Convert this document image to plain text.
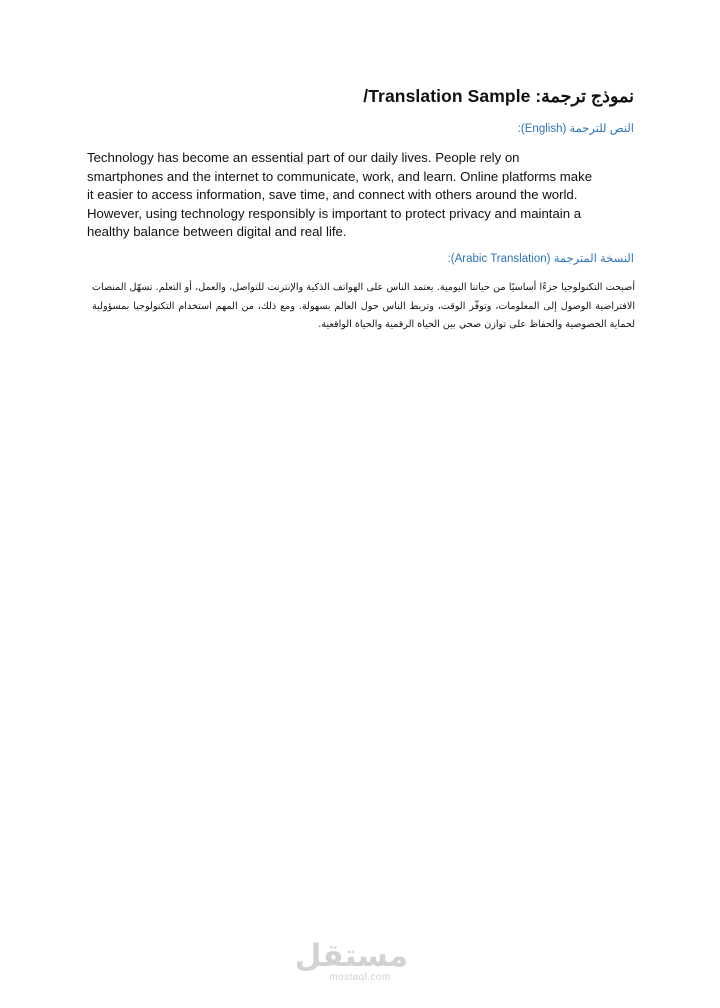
نموذج ترجمة: Translation Sample/
النص للترجمة (English):
Technology has become an essential part of our daily lives. People rely on
smartphones and the internet to communicate, work, and learn. Online platforms make
it easier to access information, save time, and connect with others around the world.
However, using technology responsibly is important to protect privacy and maintain a
healthy balance between digital and real life.
النسخة المترجمة (Arabic Translation):
أصبحت التكنولوجيا جزءًا أساسيًا من حياتنا اليومية. يعتمد الناس على الهواتف الذكية والإنترنت للتواصل، والعمل، أو التعلم. تسهّل المنصات الافتراضية الوصول إلى المعلومات، وتوفّر الوقت، وتربط الناس حول العالم بسهولة. ومع ذلك، من المهم استخدام التكنولوجيا بمسؤولية لحماية الخصوصية والحفاظ على توازن صحي بين الحياة الرقمية والحياة الواقعية.
مستقل
mostaql.com
